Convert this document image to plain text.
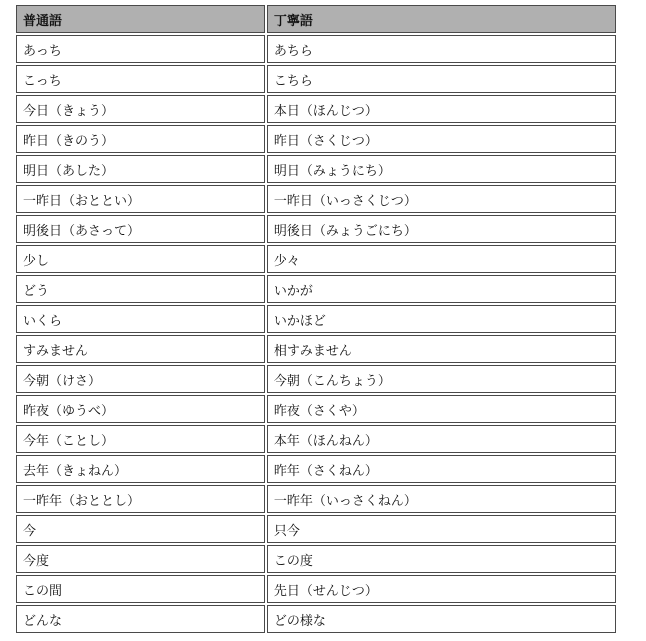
普通語	丁寧語
あっち	あちら
こっち	こちら
今日（きょう）	本日（ほんじつ）
昨日（きのう）	昨日（さくじつ）
明日（あした）	明日（みょうにち）
一昨日（おととい）	一昨日（いっさくじつ）
明後日（あさって）	明後日（みょうごにち）
少し	少々
どう	いかが
いくら	いかほど
すみません	相すみません
今朝（けさ）	今朝（こんちょう）
昨夜（ゆうべ）	昨夜（さくや）
今年（ことし）	本年（ほんねん）
去年（きょねん）	昨年（さくねん）
一昨年（おととし）	一昨年（いっさくねん）
今	只今
今度	この度
この間	先日（せんじつ）
どんな	どの様な
